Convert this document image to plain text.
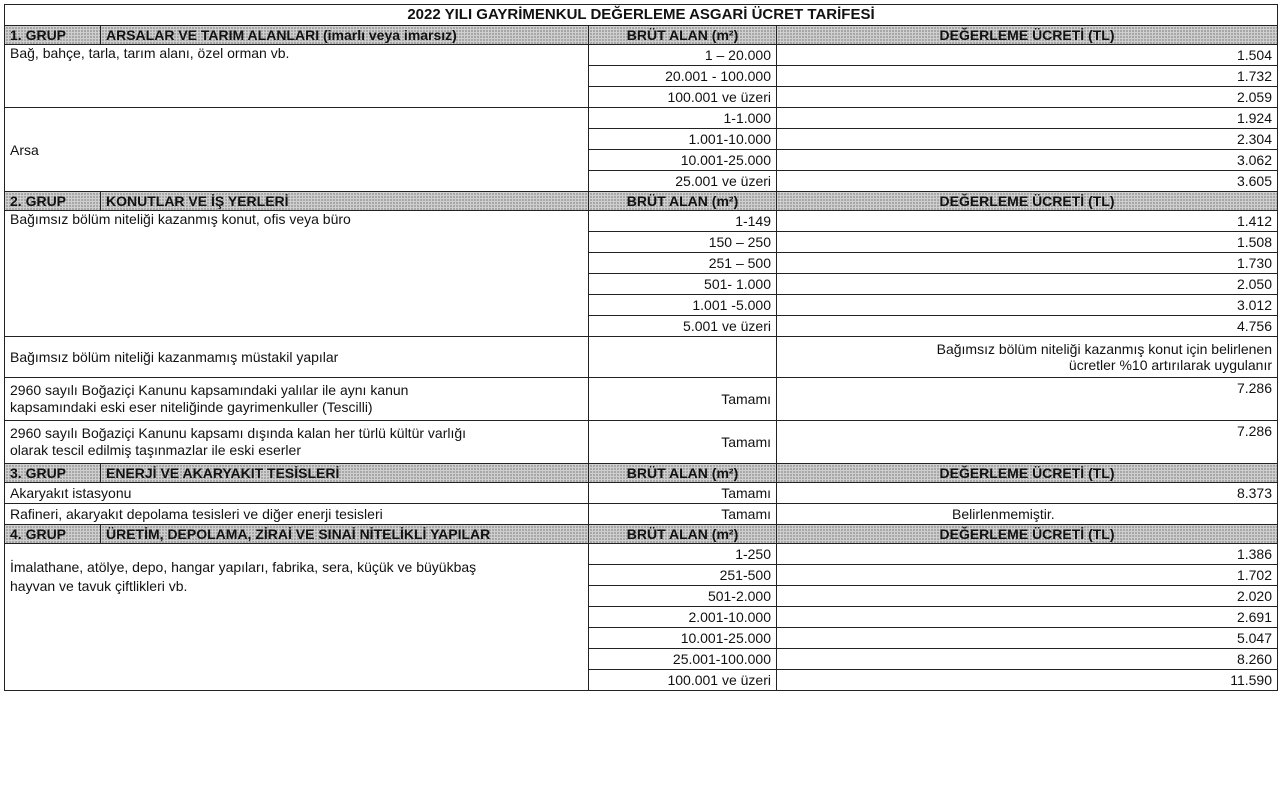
2022 YILI GAYRİMENKUL DEĞERLEME ASGARİ ÜCRET TARİFESİ			
1. GRUP	ARSALAR VE TARIM ALANLARI (imarlı veya imarsız)	BRÜT ALAN (m²)	DEĞERLEME ÜCRETİ (TL)
Bağ, bahçe, tarla, tarım alanı, özel orman vb.		1 – 20.000	1.504
		20.001 - 100.000	1.732
		100.001 ve üzeri	2.059
Arsa		1-1.000	1.924
		1.001-10.000	2.304
		10.001-25.000	3.062
		25.001 ve üzeri	3.605
2. GRUP	KONUTLAR VE İŞ YERLERİ	BRÜT ALAN (m²)	DEĞERLEME ÜCRETİ (TL)
Bağımsız bölüm niteliği kazanmış konut, ofis veya büro		1-149	1.412
		150 – 250	1.508
		251 – 500	1.730
		501- 1.000	2.050
		1.001 -5.000	3.012
		5.001 ve üzeri	4.756
Bağımsız bölüm niteliği kazanmamış müstakil yapılar			Bağımsız bölüm niteliği kazanmış konut için belirlenen
ücretler %10 artırılarak uygulanır

2960 sayılı Boğaziçi Kanunu kapsamındaki yalılar ile aynı kanun
kapsamındaki eski eser niteliğinde gayrimenkuller (Tescilli)		Tamamı	7.286

2960 sayılı Boğaziçi Kanunu kapsamı dışında kalan her türlü kültür varlığı
olarak tescil edilmiş taşınmazlar ile eski eserler		Tamamı	7.286
3. GRUP	ENERJİ VE AKARYAKIT TESİSLERİ	BRÜT ALAN (m²)	DEĞERLEME ÜCRETİ (TL)
Akaryakıt istasyonu		Tamamı	8.373
Rafineri, akaryakıt depolama tesisleri ve diğer enerji tesisleri		Tamamı	Belirlenmemiştir.
4. GRUP	ÜRETİM, DEPOLAMA, ZİRAİ VE SINAİ NİTELİKLİ YAPILAR	BRÜT ALAN (m²)	DEĞERLEME ÜCRETİ (TL)

İmalathane, atölye, depo, hangar yapıları, fabrika, sera, küçük ve büyükbaş
hayvan ve tavuk çiftlikleri vb.		1-250	1.386
		251-500	1.702
		501-2.000	2.020
		2.001-10.000	2.691
		10.001-25.000	5.047
		25.001-100.000	8.260
		100.001 ve üzeri	11.590
